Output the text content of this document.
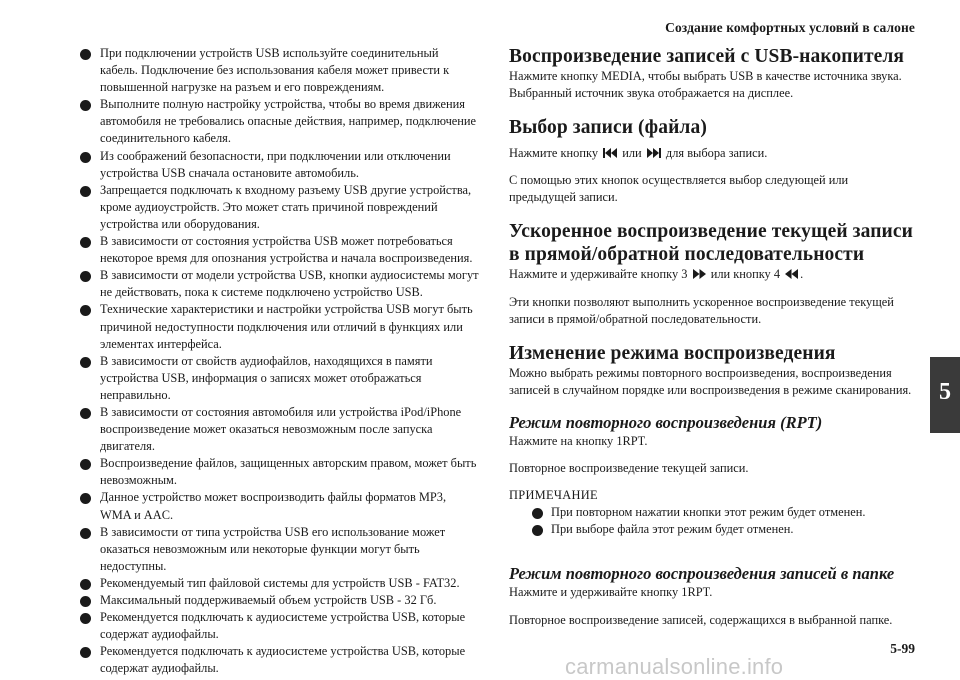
Создание комфортных условий в салоне

При подключении устройств USB используйте соединительный кабель. Подключение без использования кабеля может привести к повышенной нагрузке на разъем и его повреждениям.

Выполните полную настройку устройства, чтобы во время движения автомобиля не требовались опасные действия, например, подключение соединительного кабеля.

Из соображений безопасности, при подключении или отключении устройства USB сначала остановите автомобиль.

Запрещается подключать к входному разъему USB другие устройства, кроме аудиоустройств. Это может стать причиной повреждений устройства или оборудования.

В зависимости от состояния устройства USB может потребоваться некоторое время для опознания устройства и начала воспроизведения.

В зависимости от модели устройства USB, кнопки аудиосистемы могут не действовать, пока к системе подключено устройство USB.

Технические характеристики и настройки устройства USB могут быть причиной недоступности подключения или отличий в функциях или элементах интерфейса.

В зависимости от свойств аудиофайлов, находящихся в памяти устройства USB, информация о записях может отображаться неправильно.

В зависимости от состояния автомобиля или устройства iPod/iPhone воспроизведение может оказаться невозможным после запуска двигателя.

Воспроизведение файлов, защищенных авторским правом, может быть невозможным.

Данное устройство может воспроизводить файлы форматов MP3, WMA и AAC.

В зависимости от типа устройства USB его использование может оказаться невозможным или некоторые функции могут быть недоступны.

Рекомендуемый тип файловой системы для устройств USB - FAT32.

Максимальный поддерживаемый объем устройств USB - 32 Гб.

Рекомендуется подключать к аудиосистеме устройства USB, которые содержат аудиофайлы.

Рекомендуется подключать к аудиосистеме устройства USB, которые содержат аудиофайлы.

Воспроизведение записей с USB-накопителя

Нажмите кнопку MEDIA, чтобы выбрать USB в качестве источника звука. Выбранный источник звука отображается на дисплее.

Выбор записи (файла)

Нажмите кнопку или для выбора записи.

С помощью этих кнопок осуществляется выбор следующей или предыдущей записи.

Ускоренное воспроизведение текущей записи
в прямой/обратной последовательности

Нажмите и удерживайте кнопку 3 или кнопку 4 .

Эти кнопки позволяют выполнить ускоренное воспроизведение текущей записи в прямой/обратной последовательности.

Изменение режима воспроизведения

Можно выбрать режимы повторного воспроизведения, воспроизведения записей в случайном порядке или воспроизведения в режиме сканирования.

Режим повторного воспроизведения (RPT)

Нажмите на кнопку 1RPT.

Повторное воспроизведение текущей записи.

ПРИМЕЧАНИЕ

При повторном нажатии кнопки этот режим будет отменен.

При выборе файла этот режим будет отменен.

Режим повторного воспроизведения записей в папке

Нажмите и удерживайте кнопку 1RPT.

Повторное воспроизведение записей, содержащихся в выбранной папке.

5
5-99
carmanualsonline.info
